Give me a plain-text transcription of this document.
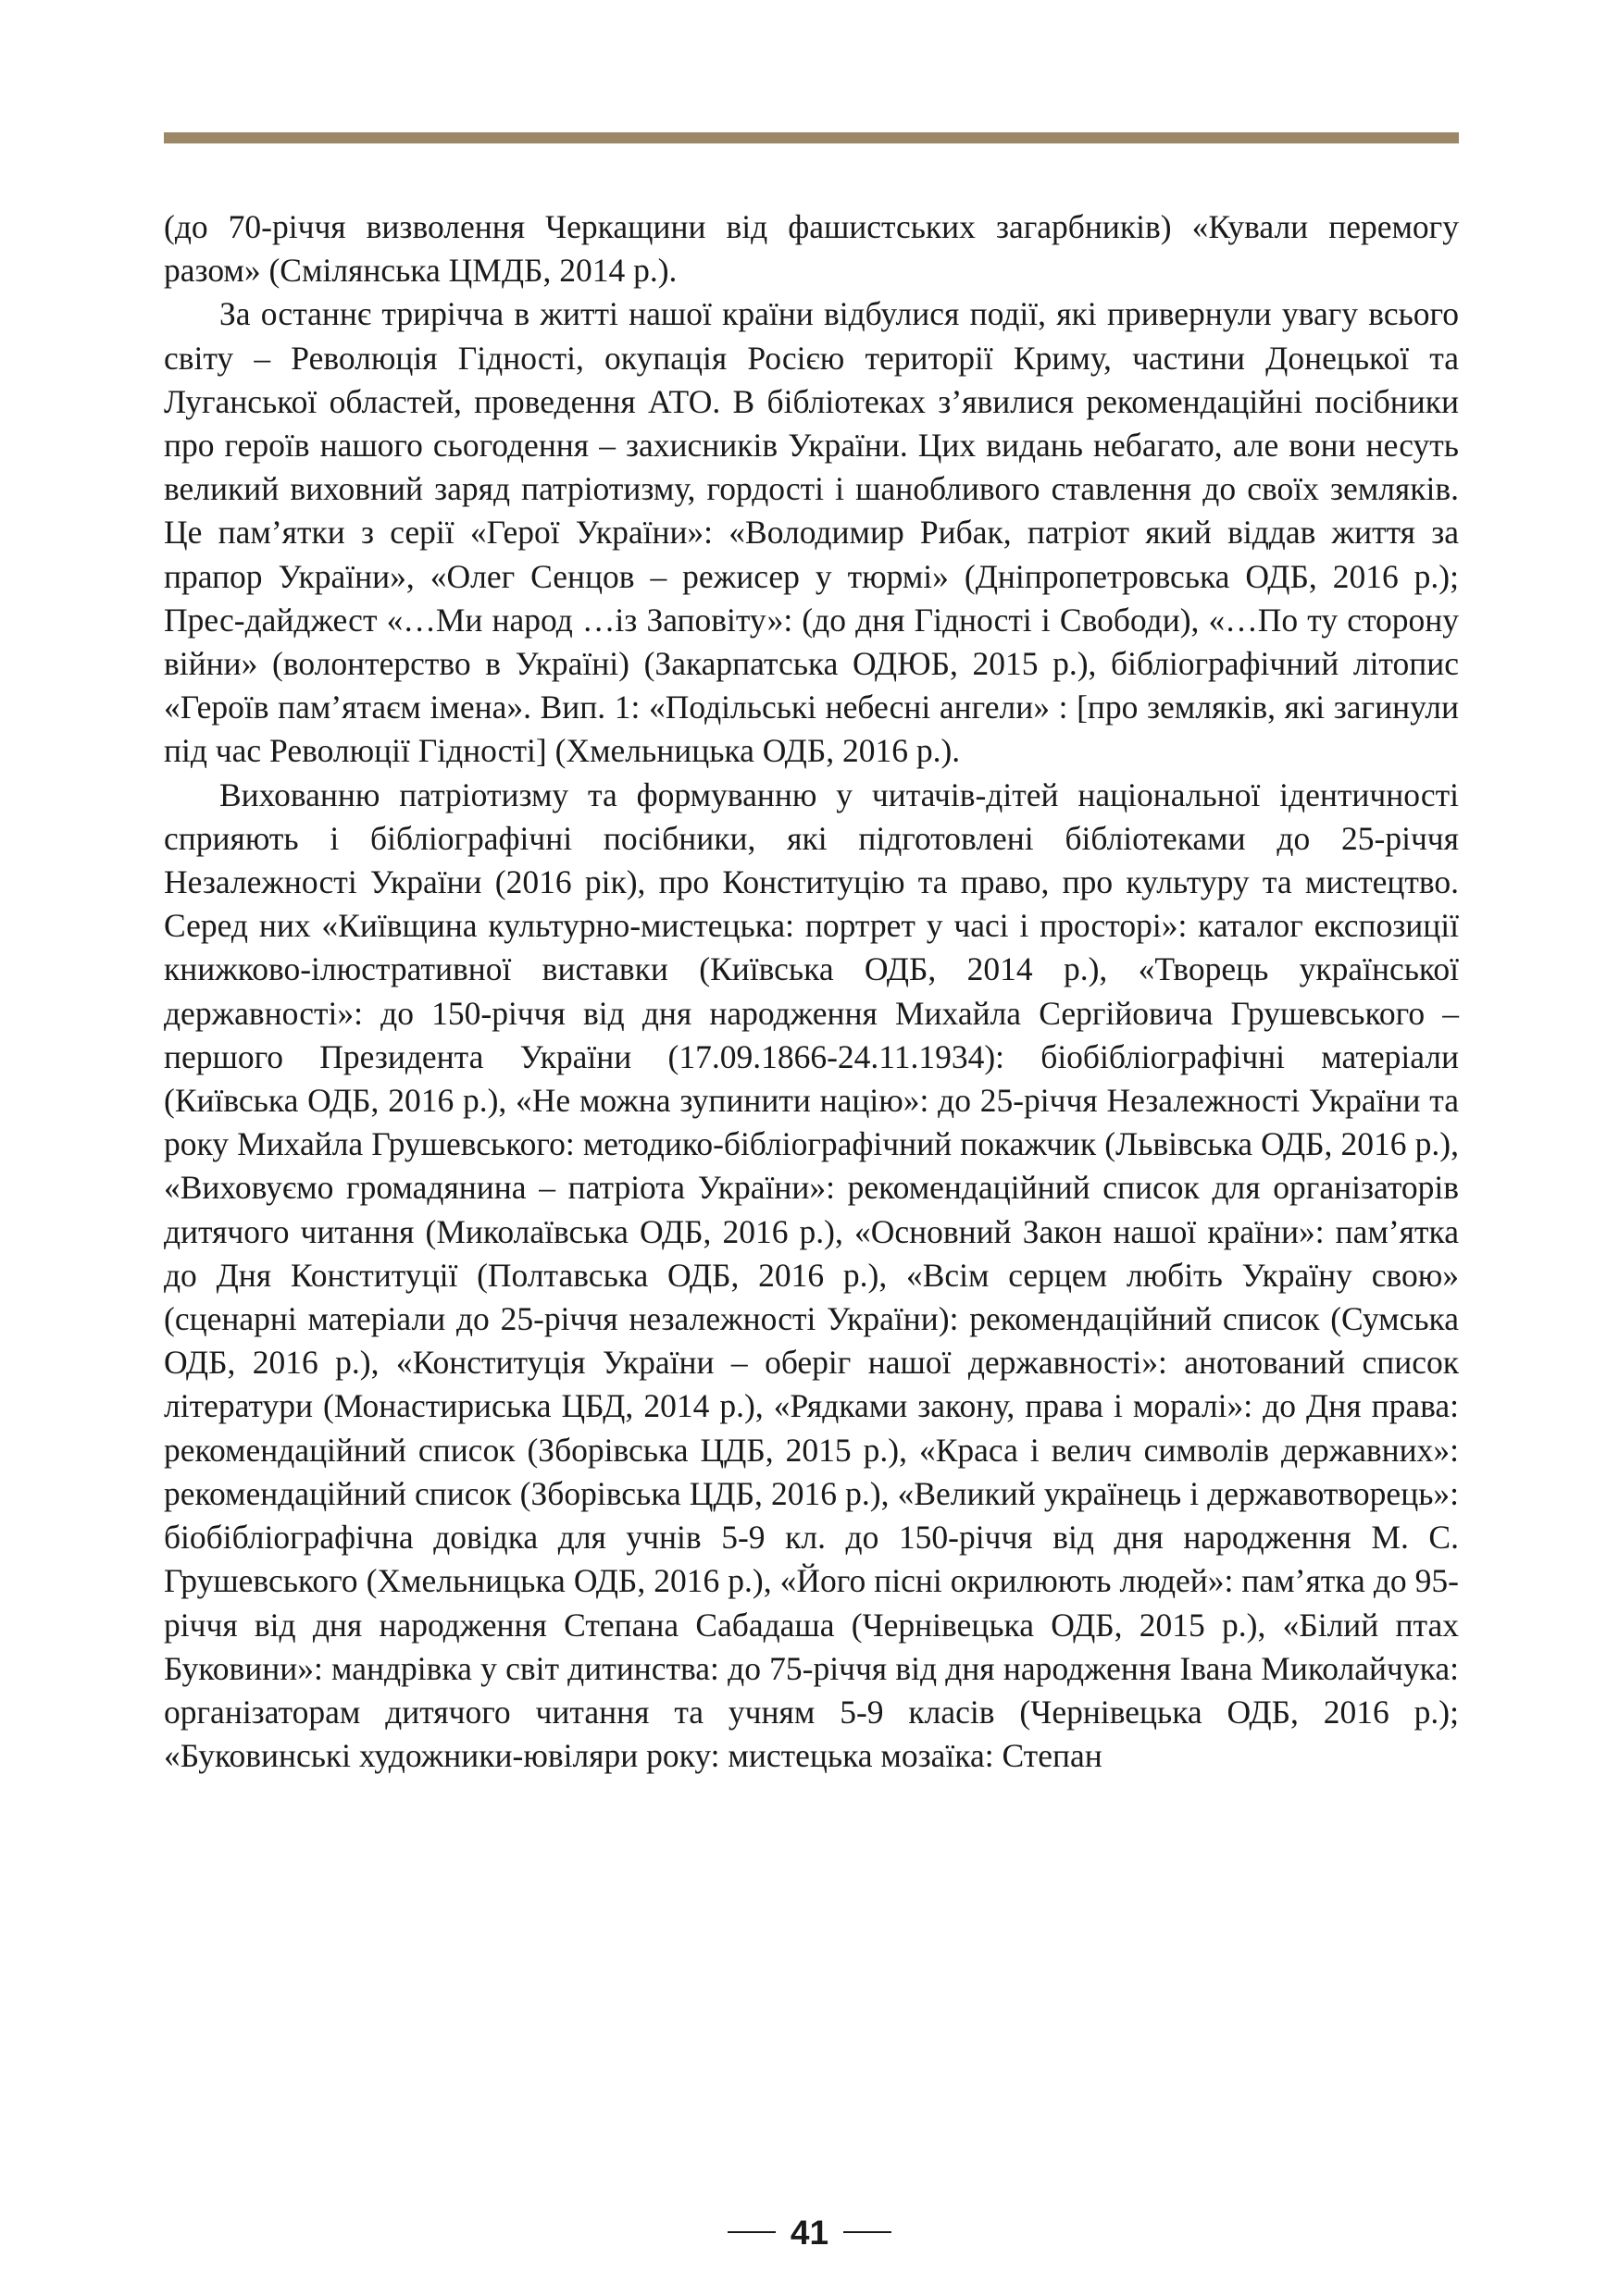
(до 70-річчя визволення Черкащини від фашистських загарбників) «Кували перемогу разом» (Смілянська ЦМДБ, 2014 р.).

За останнє трирічча в житті нашої країни відбулися події, які привернули увагу всього світу – Революція Гідності, окупація Росією території Криму, частини Донецької та Луганської областей, проведення АТО. В бібліотеках з’явилися рекомендаційні посібники про героїв нашого сьогодення – захисників України. Цих видань небагато, але вони несуть великий виховний заряд патріотизму, гордості і шанобливого ставлення до своїх земляків. Це пам’ятки з серії «Герої України»: «Володимир Рибак, патріот який віддав життя за прапор України», «Олег Сенцов – режисер у тюрмі» (Дніпропетровська ОДБ, 2016 р.); Прес-дайджест «…Ми народ …із Заповіту»: (до дня Гідності і Свободи), «…По ту сторону війни» (волонтерство в Україні) (Закарпатська ОДЮБ, 2015 р.), бібліографічний літопис «Героїв пам’ятаєм імена». Вип. 1: «Подільські небесні ангели» : [про земляків, які загинули під час Революції Гідності] (Хмельницька ОДБ, 2016 р.).

Вихованню патріотизму та формуванню у читачів-дітей національної ідентичності сприяють і бібліографічні посібники, які підготовлені бібліотеками до 25-річчя Незалежності України (2016 рік), про Конституцію та право, про культуру та мистецтво. Серед них «Київщина культурно-мистецька: портрет у часі і просторі»: каталог експозиції книжково-ілюстративної виставки (Київська ОДБ, 2014 р.), «Творець української державності»: до 150-річчя від дня народження Михайла Сергійовича Грушевського – першого Президента України (17.09.1866-24.11.1934): біобібліографічні матеріали (Київська ОДБ, 2016 р.), «Не можна зупинити націю»: до 25-річчя Незалежності України та року Михайла Грушевського: методико-бібліографічний покажчик (Львівська ОДБ, 2016 р.), «Виховуємо громадянина – патріота України»: рекомендаційний список для організаторів дитячого читання (Миколаївська ОДБ, 2016 р.), «Основний Закон нашої країни»: пам’ятка до Дня Конституції (Полтавська ОДБ, 2016 р.), «Всім серцем любіть Україну свою» (сценарні матеріали до 25-річчя незалежності України): рекомендаційний список (Сумська ОДБ, 2016 р.), «Конституція України – оберіг нашої державності»: анотований список літератури (Монастириська ЦБД, 2014 р.), «Рядками закону, права і моралі»: до Дня права: рекомендаційний список (Зборівська ЦДБ, 2015 р.), «Краса і велич символів державних»: рекомендаційний список (Зборівська ЦДБ, 2016 р.), «Великий українець і державотворець»: біобібліографічна довідка для учнів 5-9 кл. до 150-річчя від дня народження М. С. Грушевського (Хмельницька ОДБ, 2016 р.), «Його пісні окрилюють людей»: пам’ятка до 95-річчя від дня народження Степана Сабадаша (Чернівецька ОДБ, 2015 р.), «Білий птах Буковини»: мандрівка у світ дитинства: до 75-річчя від дня народження Івана Миколайчука: організаторам дитячого читання та учням 5-9 класів (Чернівецька ОДБ, 2016 р.); «Буковинські художники-ювіляри року: мистецька мозаїка: Степан

41
